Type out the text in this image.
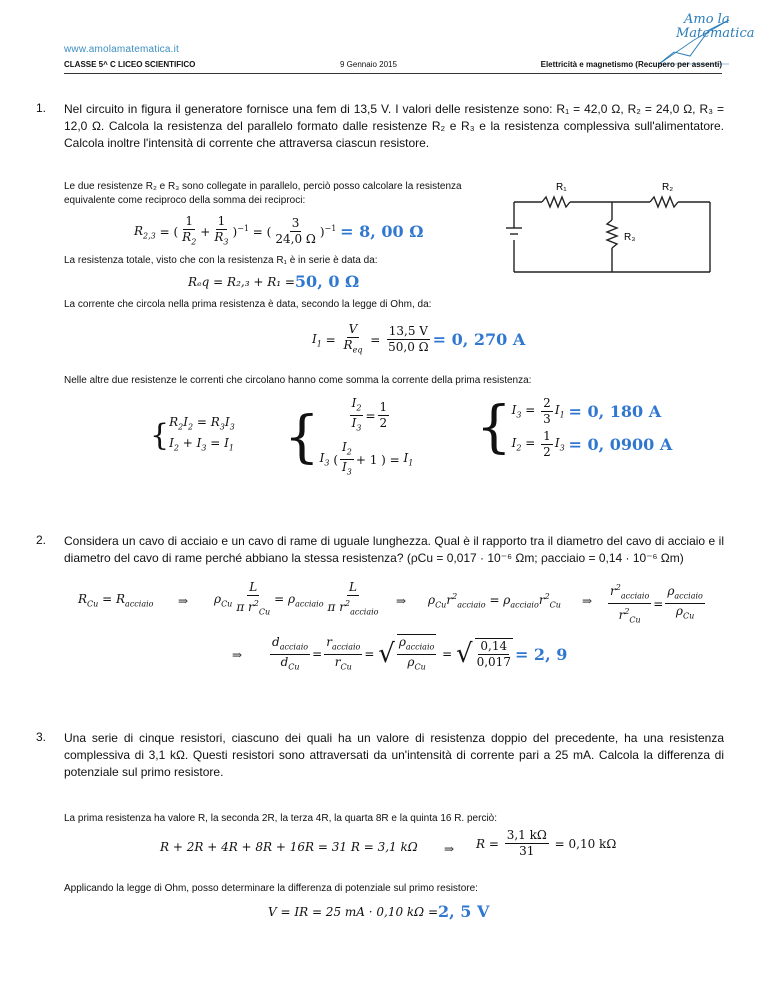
www.amolamatematica.it
Amo la
Matematica
CLASSE 5^ C LICEO SCIENTIFICO	9 Gennaio 2015	Elettricità e magnetismo (Recupero per assenti)
1. Nel circuito in figura il generatore fornisce una fem di 13,5 V. I valori delle resistenze sono: R₁ = 42,0 Ω, R₂ = 24,0 Ω, R₃ = 12,0 Ω. Calcola la resistenza del parallelo formato dalle resistenze R₂ e R₃ e la resistenza complessiva sull'alimentatore. Calcola inoltre l'intensità di corrente che attraversa ciascun resistore.
Le due resistenze R₂ e R₃ sono collegate in parallelo, perciò posso calcolare la resistenza equivalente come reciproco della somma dei reciproci:
R₁	R₂
R₃
$R_{2,3}$ = ( $\frac{1}{R_2} + \frac{1}{R_3} )^{-1}$ = ( $\frac{3}{24,0 \Omega} )^{-1} = 8$, 00 Ω
La resistenza totale, visto che con la resistenza R₁ è in serie è data da:
Rₑq = R₂,₃ + R₁ = 50, 0 Ω
La corrente che circola nella prima resistenza è data, secondo la legge di Ohm, da:
$I_1 = \frac{V}{R_{eq}} = \frac{13,5 V}{50,0 \Omega} = 0$, 270 A
Nelle altre due resistenze le correnti che circolano hanno come somma la corrente della prima resistenza:
{ $R_2I_2 = R_3I_3$
$I_2 + I_3 = I_1$ {	$\frac{I_2}{I_3} = \frac{1}{2}$
$I_3$ ( $\frac{I_2}{I_3} + 1$ ) = $I_1$
{ $I_3 = \frac{2}{3} I_1 = 0$, 180 A
$I_2 = \frac{1}{2} I_3 = 0$, 0900 A
2. Considera un cavo di acciaio e un cavo di rame di uguale lunghezza. Qual è il rapporto tra il diametro del cavo di acciaio e il diametro del cavo di rame perché abbiano la stessa resistenza? (ρCu = 0,017 · 10⁻⁶ Ωm; ρacciaio = 0,14 · 10⁻⁶ Ωm)
$R_{Cu} = R_{acciaio}$ ⇒ $\rho_{Cu} \frac{L}{\pi r^2_{Cu}} = \rho_{acciaio} \frac{L}{\pi r^2_{acciaio}}$ ⇒ $\rho_{Cu}r^2_{acciaio} = \rho_{acciaio}r^2_{Cu}$ ⇒ $\frac{r^2_{acciaio}}{r^2_{Cu}} = \frac{\rho_{acciaio}}{\rho_{Cu}}$
⇒ $\frac{d_{acciaio}}{d_{Cu}} = \frac{r_{acciaio}}{r_{Cu}}$ = √ $\frac{\rho_{acciaio}}{\rho_{Cu}}$ = √ $\frac{0,14}{0,017} = 2$, 9
3. Una serie di cinque resistori, ciascuno dei quali ha un valore di resistenza doppio del precedente, ha una resistenza complessiva di 3,1 kΩ. Questi resistori sono attraversati da un'intensità di corrente pari a 25 mA. Calcola la differenza di potenziale sul primo resistore.
La prima resistenza ha valore R, la seconda 2R, la terza 4R, la quarta 8R e la quinta 16 R. perciò:
R + 2R + 4R + 8R + 16R = 31 R = 3,1 kΩ ⇒ $R = \frac{3,1 k\Omega}{31} = 0,10$ kΩ
Applicando la legge di Ohm, posso determinare la differenza di potenziale sul primo resistore:
V = IR = 25 mA · 0,10 kΩ = 2, 5 V
